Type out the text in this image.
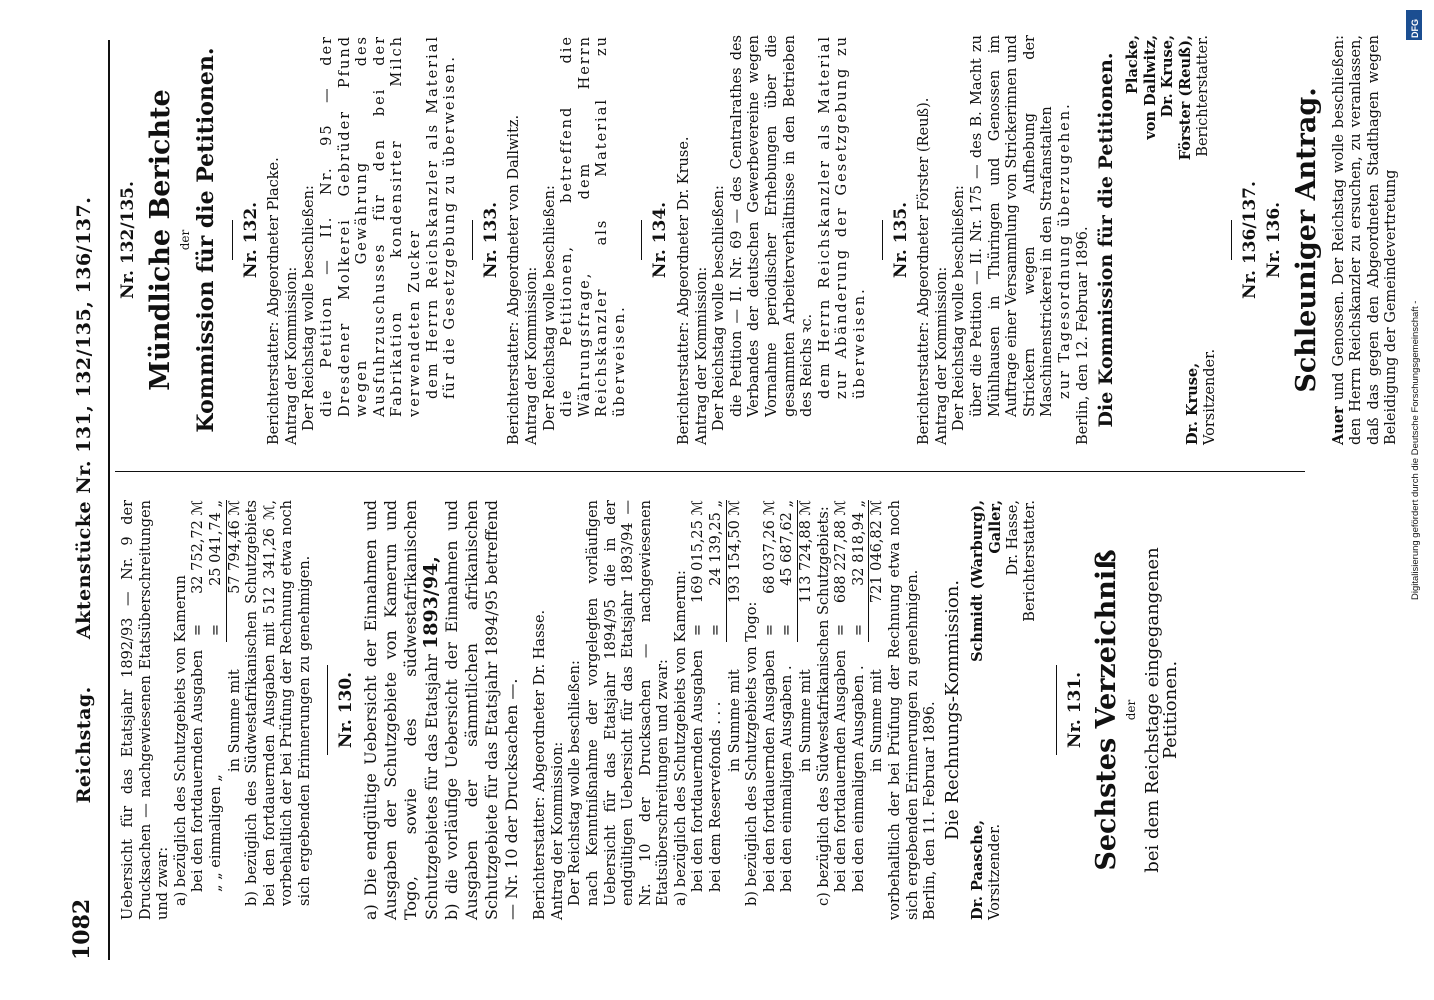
1082
Reichstag. Aktenstücke Nr. 131, 132/135, 136/137.

Uebersicht für das Etatsjahr 1892/93 — Nr. 9 der Drucksachen — nachgewiesenen Etatsüberschreitungen und zwar: a) bezüglich des Schutzgebiets von Kamerun bei den fortdauernden Ausgaben
=
32 752,72 ℳ
„ „ einmaligen „
=
25 041,74 „
in Summe mit
57 794,46 ℳ b) bezüglich des Südwestafrikanischen Schutzgebiets bei den fortdauernden Ausgaben mit 512 341,26 ℳ, vorbehaltlich der bei Prüfung der Rechnung etwa noch sich ergebenden Erinnerungen zu genehmigen. Nr. 130. a) Die endgültige Uebersicht der Einnahmen und Ausgaben der Schutzgebiete von Kamerun und Togo, sowie des südwestafrikanischen Schutzgebietes für das Etatsjahr 1893/94, b) die vorläufige Uebersicht der Einnahmen und Ausgaben der sämmtlichen afrikanischen Schutzgebiete für das Etatsjahr 1894/95 betreffend — Nr. 10 der Drucksachen —. Berichterstatter: Abgeordneter Dr. Hasse. Antrag der Kommission: Der Reichstag wolle beschließen: nach Kenntnißnahme der vorgelegten vorläufigen Uebersicht für das Etatsjahr 1894/95 die in der endgültigen Uebersicht für das Etatsjahr 1893/94 — Nr. 10 der Drucksachen — nachgewiesenen Etatsüberschreitungen und zwar: a) bezüglich des Schutzgebiets von Kamerun: bei den fortdauernden Ausgaben
=
169 015,25 ℳ
bei dem Reservefonds . . .
=
24 139,25 „
in Summe mit
193 154,50 ℳ

b) bezüglich des Schutzgebiets von Togo: bei den fortdauernden Ausgaben
=
68 037,26 ℳ
bei den einmaligen Ausgaben .
=
45 687,62 „
in Summe mit
113 724,88 ℳ c) bezüglich des Südwestafrikanischen Schutzgebiets: bei den fortdauernden Ausgaben
=
688 227,88 ℳ
bei den einmaligen Ausgaben .
=
32 818,94 „
in Summe mit
721 046,82 ℳ vorbehaltlich der bei Prüfung der Rechnung etwa noch sich ergebenden Erinnerungen zu genehmigen. Berlin, den 11. Februar 1896. Die Rechnungs-Kommission.

Dr. Paasche, Vorsitzender.
Schmidt (Warburg), Galler, Dr. Hasse, Berichterstatter.
Nr. 131. Sechstes Verzeichniß der bei dem Reichstage eingegangenen Petitionen.
Nr. 132/135. Mündliche Berichte der Kommission für die Petitionen. Nr. 132. Berichterstatter: Abgeordneter Placke. Antrag der Kommission: Der Reichstag wolle beschließen: die Petition — II. Nr. 95 — der Dresdener Molkerei Gebrüder Pfund wegen Gewährung des Ausfuhrzuschusses für den bei der Fabrikation kondensirter Milch verwendeten Zucker dem Herrn Reichskanzler als Material für die Gesetzgebung zu überweisen. Nr. 133. Berichterstatter: Abgeordneter von Dallwitz. Antrag der Kommission: Der Reichstag wolle beschließen: die Petitionen, betreffend die Währungsfrage, dem Herrn Reichskanzler als Material zu überweisen.

Nr. 134. Berichterstatter: Abgeordneter Dr. Kruse. Antrag der Kommission: Der Reichstag wolle beschließen: die Petition — II. Nr. 69 — des Centralrathes des Verbandes der deutschen Gewerbevereine wegen Vornahme periodischer Erhebungen über die gesammten Arbeiterverhältnisse in den Betrieben des Reichs ꝛc. dem Herrn Reichskanzler als Material zur Abänderung der Gesetzgebung zu überweisen.

Nr. 135. Berichterstatter: Abgeordneter Förster (Reuß). Antrag der Kommission: Der Reichstag wolle beschließen: über die Petition — II. Nr. 175 — des B. Macht zu Mühlhausen in Thüringen und Genossen im Auftrage einer Versammlung von Strickerinnen und Strickern wegen Aufhebung der Maschinenstrickerei in den Strafanstalten zur Tagesordnung überzugehen. Berlin, den 12. Februar 1896. Die Kommission für die Petitionen.	Dr. Kruse, Vorsitzender.
Placke, von Dallwitz, Dr. Kruse, Förster (Reuß), Berichterstatter.
Nr. 136/137. Nr. 136. Schleuniger Antrag.

Auer und Genossen. Der Reichstag wolle beschließen: den Herrn Reichskanzler zu ersuchen, zu veranlassen, daß das gegen den Abgeordneten Stadthagen wegen Beleidigung der Gemeindevertretung Digitalisierung gefördert durch die Deutsche Forschungsgemeinschaft -
DFG
